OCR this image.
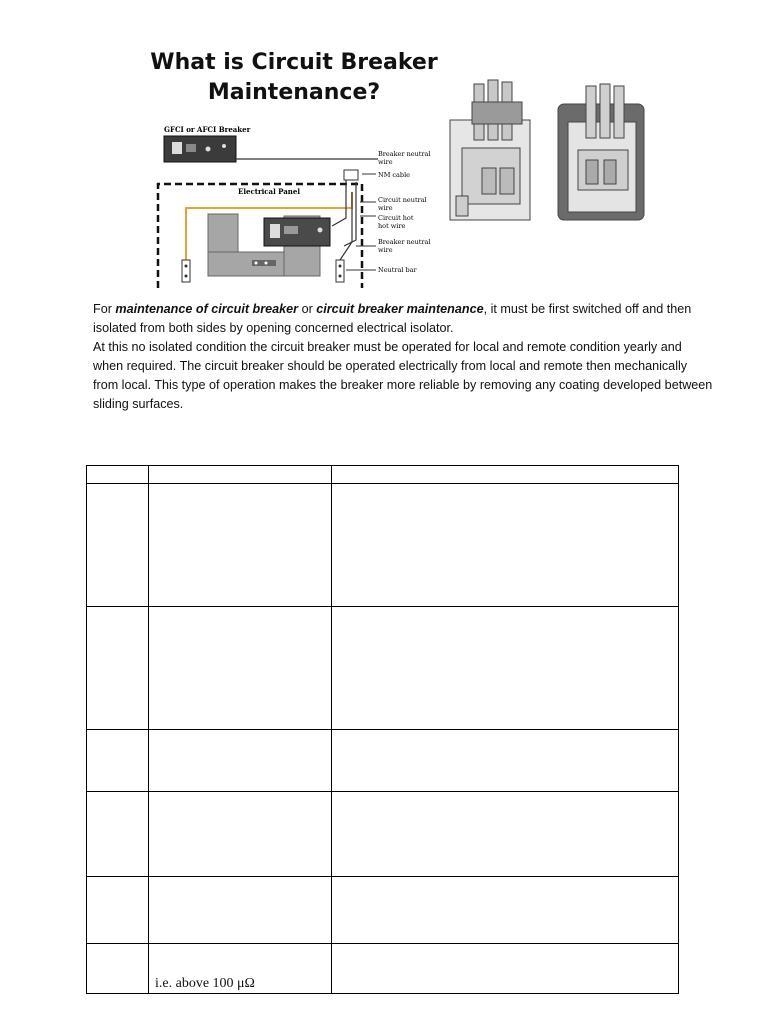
What is Circuit Breaker
Maintenance?
GFCI or AFCI Breaker
Electrical Panel
Breaker neutral
wire
NM cable
Circuit neutral
wire
Circuit hot
hot wire
Breaker neutral
wire
Neutral bar

For maintenance of circuit breaker or circuit breaker maintenance, it must be first switched off and then isolated from both sides by opening concerned electrical isolator.

At this no isolated condition the circuit breaker must be operated for local and remote condition yearly and when required. The circuit breaker should be operated electrically from local and remote then mechanically from local. This type of operation makes the breaker more reliable by removing any coating developed between sliding surfaces.

	i.e. above 100 μΩ	
